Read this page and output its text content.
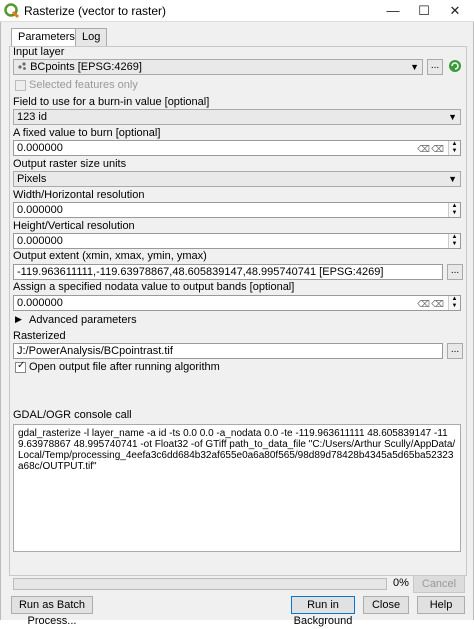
Rasterize (vector to raster)	—	☐	✕
Parameters Log
Input layer
BCpoints [EPSG:4269]	▼	...
Selected features only
Field to use for a burn-in value [optional]
123 id	▼
A fixed value to burn [optional]
0.000000	⌫ ⌫	▲
▼
Output raster size units
Pixels	▼
Width/Horizontal resolution
0.000000	▲
▼
Height/Vertical resolution
0.000000	▲
▼
Output extent (xmin, xmax, ymin, ymax)
-119.963611111,-119.63978867,48.605839147,48.995740741 [EPSG:4269]	...
Assign a specified nodata value to output bands [optional]
0.000000	⌫ ⌫	▲
▼
▶ Advanced parameters
Rasterized
J:/PowerAnalysis/BCpointrast.tif	...
✓
Open output file after running algorithm
GDAL/OGR console call
gdal_rasterize -l layer_name -a id -ts 0.0 0.0 -a_nodata 0.0 -te -119.963611111 48.605839147 -119.63978867 48.995740741 -ot Float32 -of GTiff path_to_data_file "C:/Users/Arthur Scully/AppData/Local/Temp/processing_4eefa3c6dd684b32af655e0a6a80f565/98d89d78428b4345a5d65ba52323a68c/OUTPUT.tif"
0%	Cancel
Run as Batch Process...
Run in Background
Close	Help
